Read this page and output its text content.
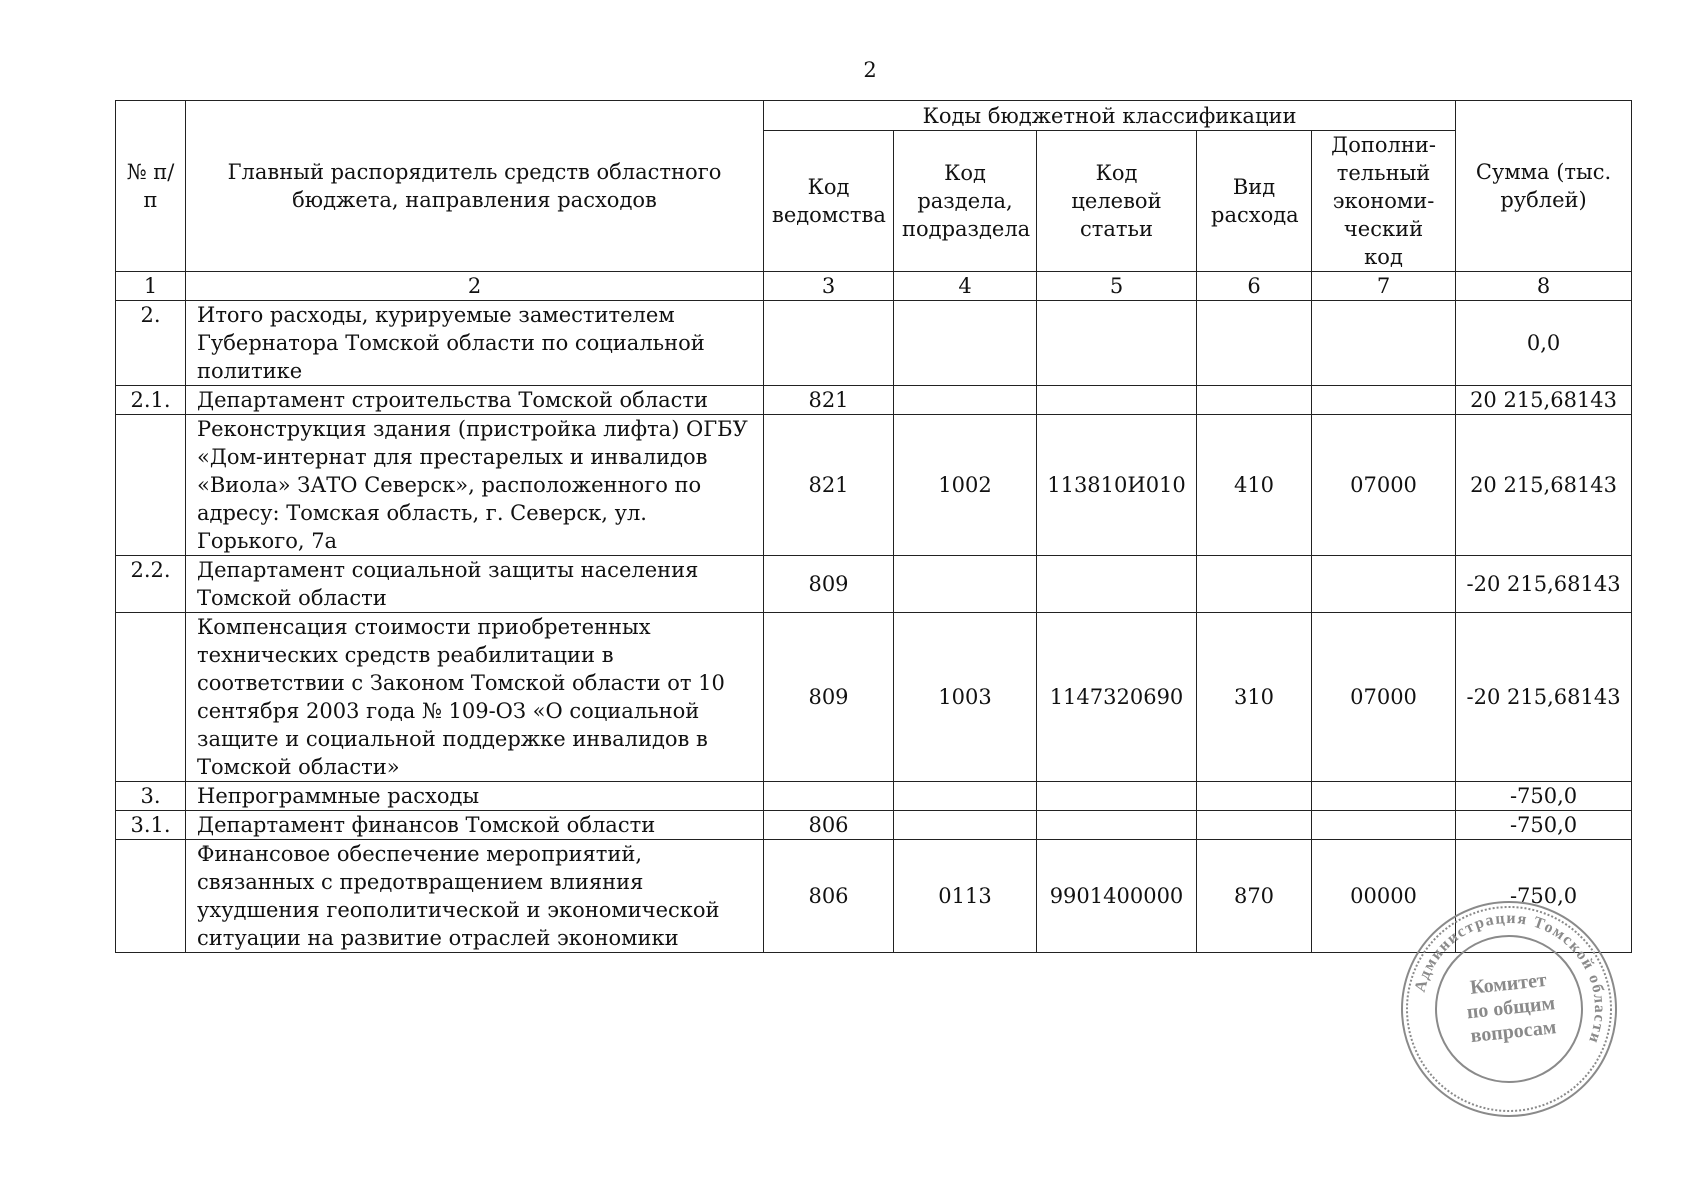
2
№ п/п	Главный распорядитель средств областного бюджета, направления расходов	Коды бюджетной классификации					Сумма (тыс. рублей)
		Код ведомства	Код раздела, подраздела	Код целевой статьи	Вид расхода	Дополни-тельный экономи-ческий код	
1	2	3	4	5	6	7	8
2.	Итого расходы, курируемые заместителем Губернатора Томской области по социальной политике						0,0
2.1.	Департамент строительства Томской области	821					20 215,68143
	Реконструкция здания (пристройка лифта) ОГБУ «Дом-интернат для престарелых и инвалидов «Виола» ЗАТО Северск», расположенного по адресу: Томская область, г. Северск, ул. Горького, 7а	821	1002	113810И010	410	07000	20 215,68143
2.2.	Департамент социальной защиты населения Томской области	809					-20 215,68143
	Компенсация стоимости приобретенных технических средств реабилитации в соответствии с Законом Томской области от 10 сентября 2003 года № 109-ОЗ «О социальной защите и социальной поддержке инвалидов в Томской области»	809	1003	1147320690	310	07000	-20 215,68143
3.	Непрограммные расходы						-750,0
3.1.	Департамент финансов Томской области	806					-750,0
	Финансовое обеспечение мероприятий, связанных с предотвращением влияния ухудшения геополитической и экономической ситуации на развитие отраслей экономики	806	0113	9901400000	870	00000	-750,0
Администрация Томской области
Комитет
по общим
вопросам
